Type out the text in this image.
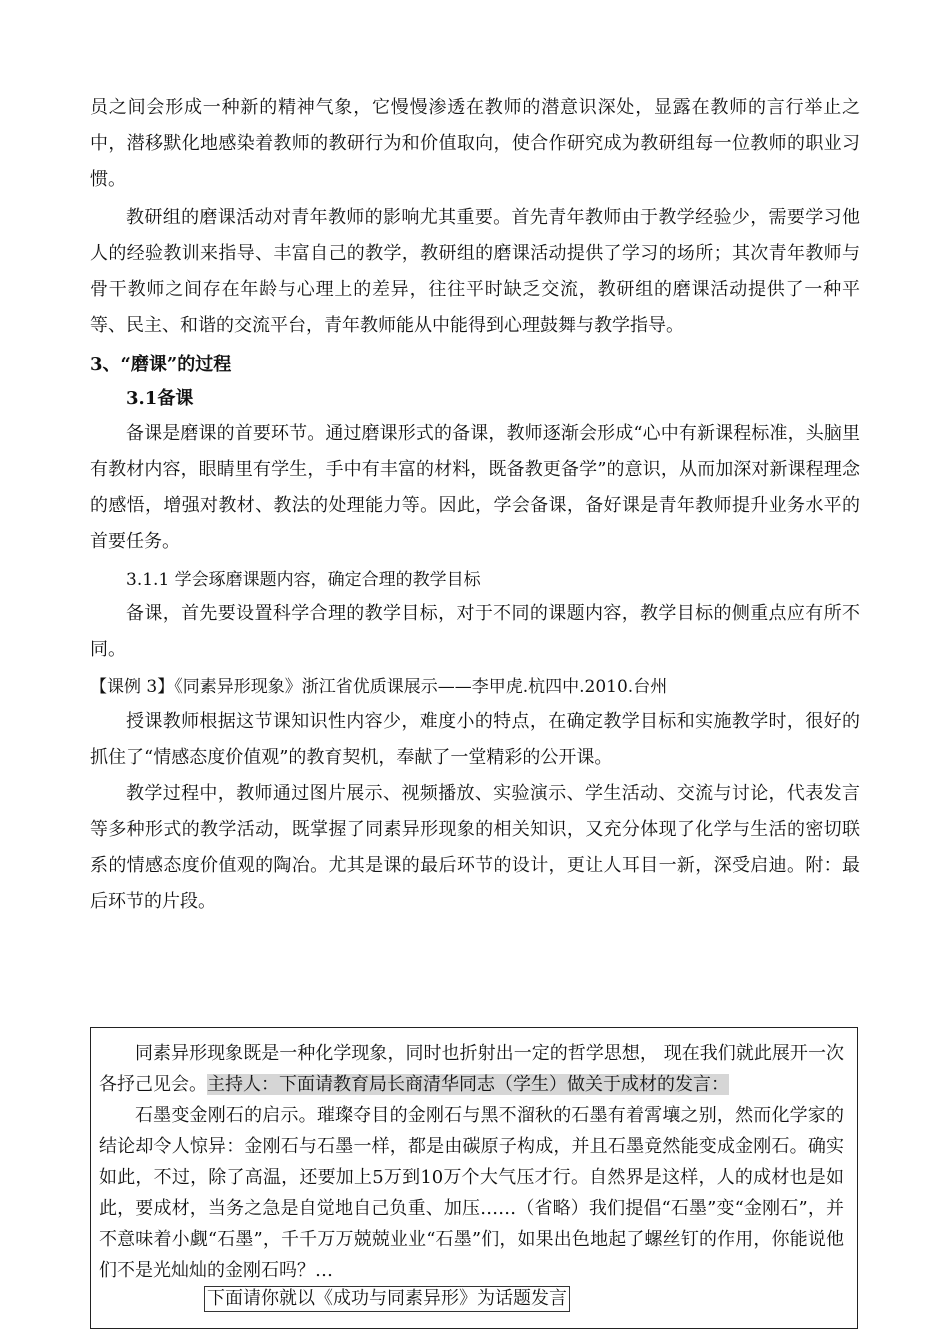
员之间会形成一种新的精神气象，它慢慢渗透在教师的潜意识深处，显露在教师的言行举止之中，潜移默化地感染着教师的教研行为和价值取向，使合作研究成为教研组每一位教师的职业习惯。

教研组的磨课活动对青年教师的影响尤其重要。首先青年教师由于教学经验少，需要学习他人的经验教训来指导、丰富自己的教学，教研组的磨课活动提供了学习的场所；其次青年教师与骨干教师之间存在年龄与心理上的差异，往往平时缺乏交流，教研组的磨课活动提供了一种平等、民主、和谐的交流平台，青年教师能从中能得到心理鼓舞与教学指导。

3、“磨课”的过程

3.1备课

备课是磨课的首要环节。通过磨课形式的备课，教师逐渐会形成“心中有新课程标准，头脑里有教材内容，眼睛里有学生，手中有丰富的材料，既备教更备学”的意识，从而加深对新课程理念的感悟，增强对教材、教法的处理能力等。因此，学会备课，备好课是青年教师提升业务水平的首要任务。

3.1.1 学会琢磨课题内容，确定合理的教学目标

备课，首先要设置科学合理的教学目标，对于不同的课题内容，教学目标的侧重点应有所不同。

【课例 3】《同素异形现象》浙江省优质课展示——李甲虎.杭四中.2010.台州

授课教师根据这节课知识性内容少，难度小的特点，在确定教学目标和实施教学时，很好的抓住了“情感态度价值观”的教育契机，奉献了一堂精彩的公开课。

教学过程中，教师通过图片展示、视频播放、实验演示、学生活动、交流与讨论，代表发言等多种形式的教学活动，既掌握了同素异形现象的相关知识，又充分体现了化学与生活的密切联系的情感态度价值观的陶冶。尤其是课的最后环节的设计，更让人耳目一新，深受启迪。附：最后环节的片段。

同素异形现象既是一种化学现象，同时也折射出一定的哲学思想， 现在我们就此展开一次各抒己见会。主持人：下面请教育局长商清华同志（学生）做关于成材的发言：

石墨变金刚石的启示。璀璨夺目的金刚石与黑不溜秋的石墨有着霄壤之别，然而化学家的结论却令人惊异：金刚石与石墨一样，都是由碳原子构成，并且石墨竟然能变成金刚石。确实如此，不过，除了高温，还要加上5万到10万个大气压才行。自然界是这样，人的成材也是如此，要成材，当务之急是自觉地自己负重、加压……（省略）我们提倡“石墨”变“金刚石”，并不意味着小觑“石墨”，千千万万兢兢业业“石墨”们，如果出色地起了螺丝钉的作用，你能说他们不是光灿灿的金刚石吗？…

下面请你就以《成功与同素异形》为话题发言
